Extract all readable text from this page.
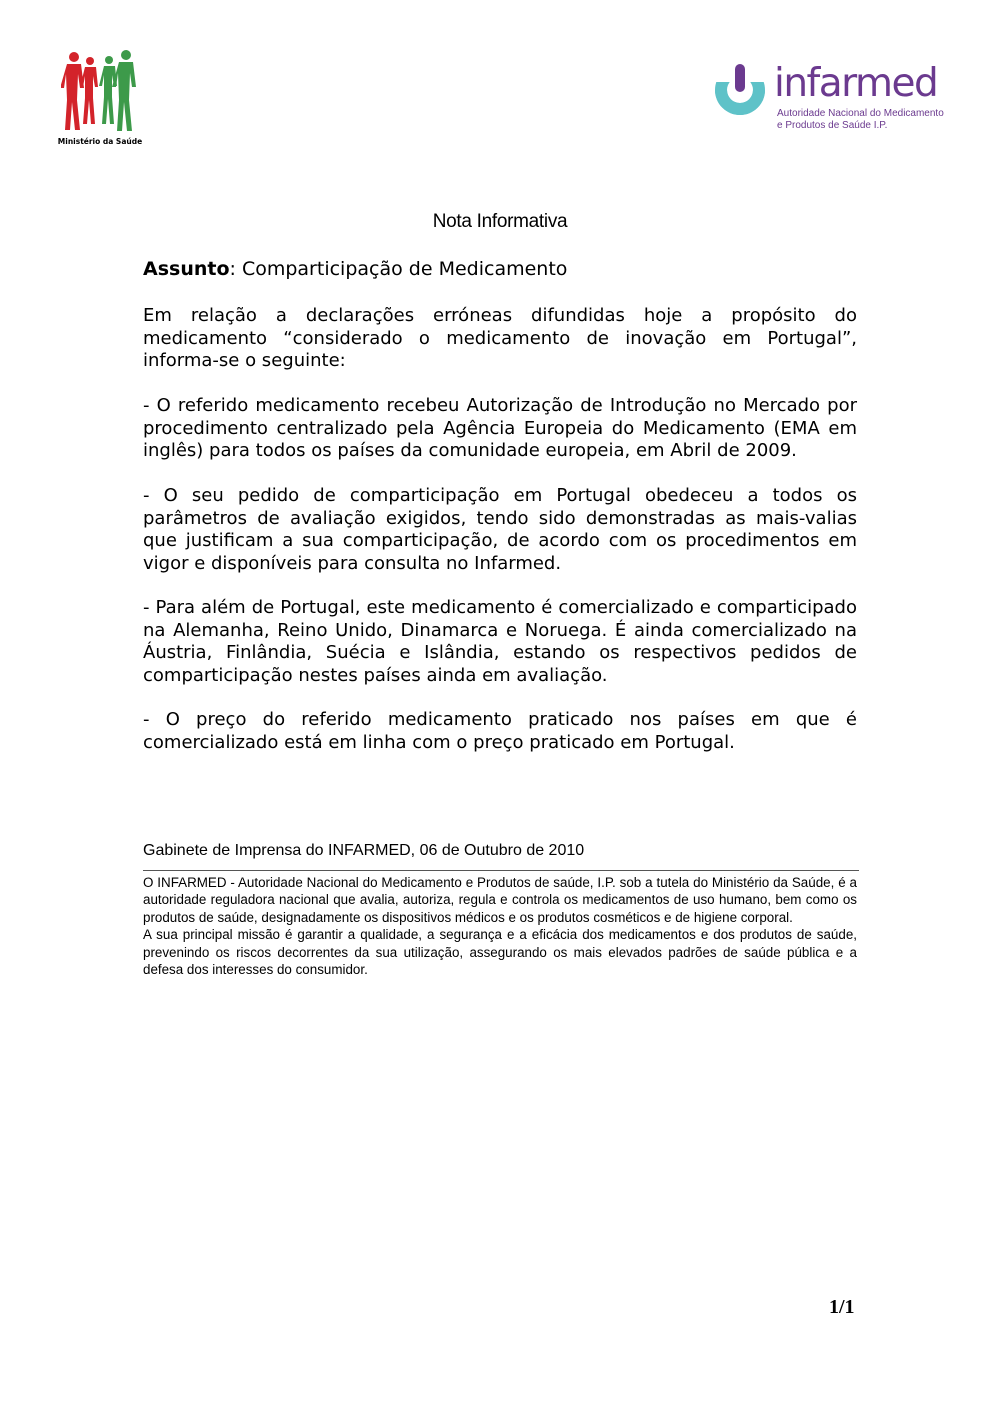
Ministério da Saúde
infarmed
Autoridade Nacional do Medicamento
e Produtos de Saúde I.P.
Nota Informativa
Assunto: Comparticipação de Medicamento
Em relação a declarações erróneas difundidas hoje a propósito do medicamento “considerado o medicamento de inovação em Portugal”, informa-se o seguinte:
- O referido medicamento recebeu Autorização de Introdução no Mercado por procedimento centralizado pela Agência Europeia do Medicamento (EMA em inglês) para todos os países da comunidade europeia, em Abril de 2009.
- O seu pedido de comparticipação em Portugal obedeceu a todos os parâmetros de avaliação exigidos, tendo sido demonstradas as mais-valias que justificam a sua comparticipação, de acordo com os procedimentos em vigor e disponíveis para consulta no Infarmed.
- Para além de Portugal, este medicamento é comercializado e comparticipado na Alemanha, Reino Unido, Dinamarca e Noruega. É ainda comercializado na Áustria, Finlândia, Suécia e Islândia, estando os respectivos pedidos de comparticipação nestes países ainda em avaliação.
- O preço do referido medicamento praticado nos países em que é comercializado está em linha com o preço praticado em Portugal.
Gabinete de Imprensa do INFARMED, 06 de Outubro de 2010

O INFARMED - Autoridade Nacional do Medicamento e Produtos de saúde, I.P. sob a tutela do Ministério da Saúde, é a autoridade reguladora nacional que avalia, autoriza, regula e controla os medicamentos de uso humano, bem como os produtos de saúde, designadamente os dispositivos médicos e os produtos cosméticos e de higiene corporal.

A sua principal missão é garantir a qualidade, a segurança e a eficácia dos medicamentos e dos produtos de saúde, prevenindo os riscos decorrentes da sua utilização, assegurando os mais elevados padrões de saúde pública e a defesa dos interesses do consumidor.

1/1
